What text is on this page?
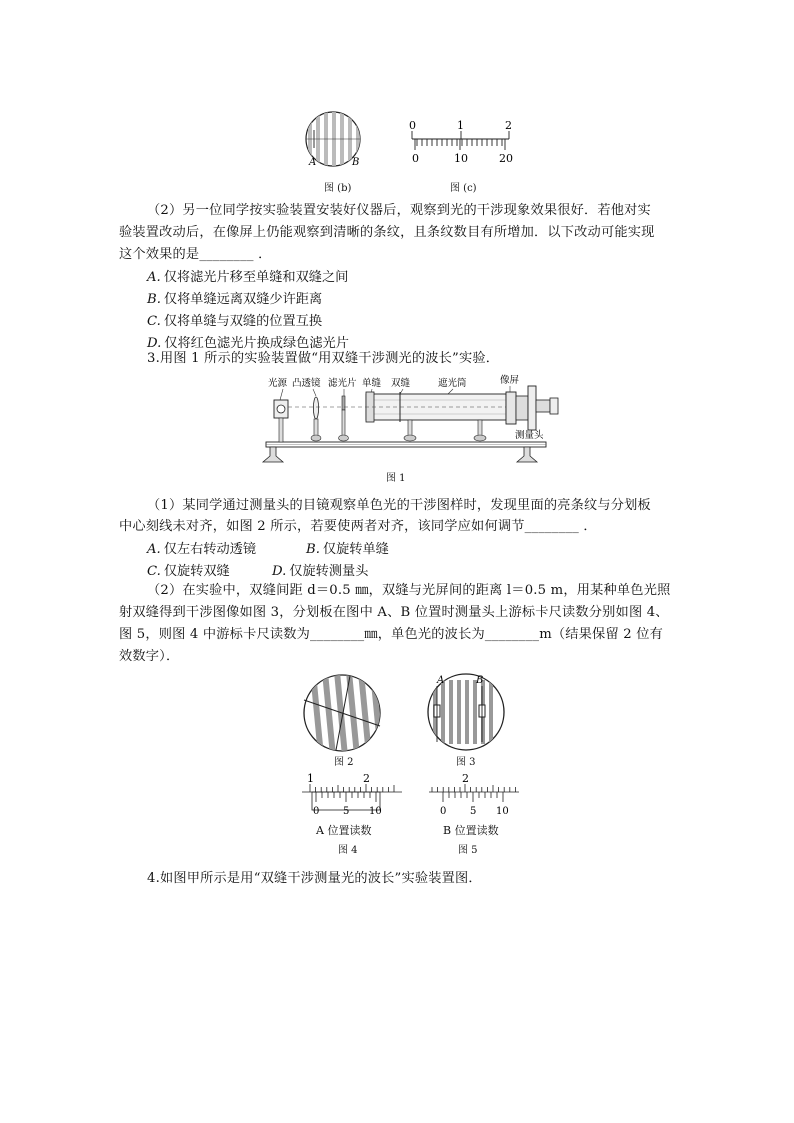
A	B
图 (b)
0	1	2
0	10	20
图 (c)
（2）另一位同学按实验装置安装好仪器后，观察到光的干涉现象效果很好．若他对实
验装置改动后，在像屏上仍能观察到清晰的条纹，且条纹数目有所增加．以下改动可能实现
这个效果的是________ ．
A. 仅将滤光片移至单缝和双缝之间
B. 仅将单缝远离双缝少许距离
C. 仅将单缝与双缝的位置互换
D. 仅将红色滤光片换成绿色滤光片
3.用图 1 所示的实验装置做“用双缝干涉测光的波长”实验．
光源 凸透镜 滤光片 单缝 双缝	遮光筒	像屏
测量头
图 1
（1）某同学通过测量头的目镜观察单色光的干涉图样时，发现里面的亮条纹与分划板
中心刻线未对齐，如图 2 所示，若要使两者对齐，该同学应如何调节________ ．
A. 仅左右转动透镜	B. 仅旋转单缝
C. 仅旋转双缝	D. 仅旋转测量头
（2）在实验中，双缝间距 d＝0.5 ㎜，双缝与光屏间的距离 l＝0.5 m，用某种单色光照
射双缝得到干涉图像如图 3，分划板在图中 A、B 位置时测量头上游标卡尺读数分别如图 4、
图 5，则图 4 中游标卡尺读数为________㎜，单色光的波长为________m（结果保留 2 位有
效数字）．
图 2
A	B
图 3
1	2
0 5 10
A 位置读数
图 4
2
0 5 10
B 位置读数
图 5
4.如图甲所示是用“双缝干涉测量光的波长”实验装置图．
